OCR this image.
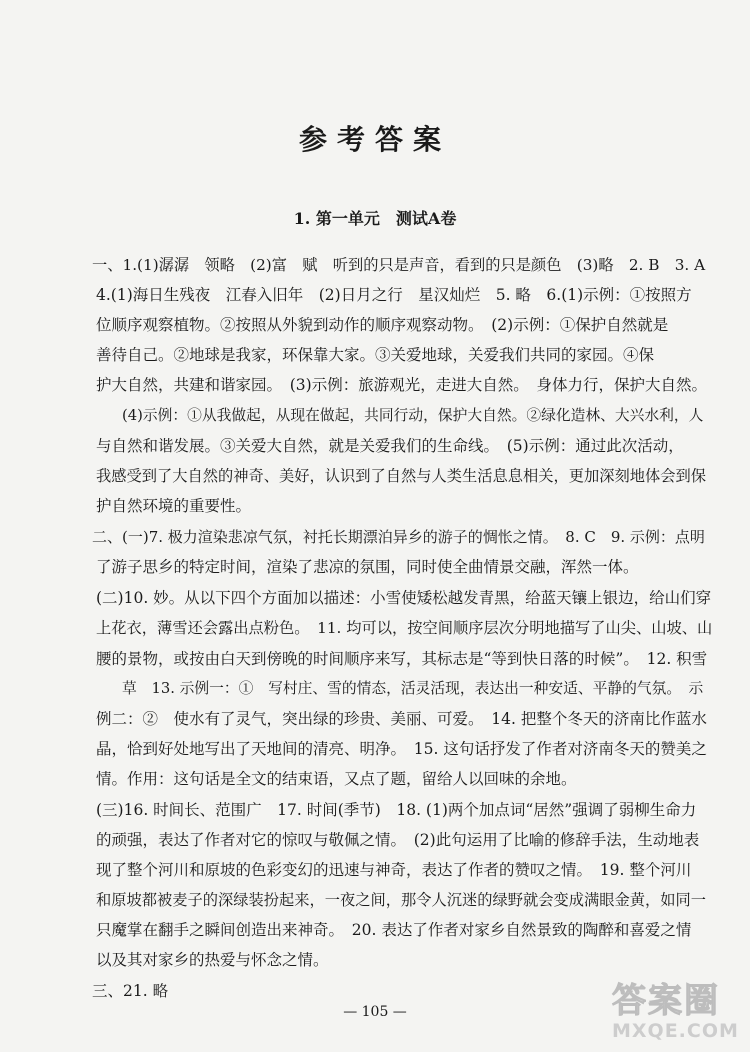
参考答案
1. 第一单元　测试A卷
一、1.(1)潺潺　领略　(2)富　赋　听到的只是声音，看到的只是颜色　(3)略　2. B　3. A
4.(1)海日生残夜　江春入旧年　(2)日月之行　星汉灿烂　5. 略　6.(1)示例：①按照方
位顺序观察植物。②按照从外貌到动作的顺序观察动物。　(2)示例：①保护自然就是
善待自己。②地球是我家，环保靠大家。③关爱地球，关爱我们共同的家园。④保
护大自然，共建和谐家园。　(3)示例：旅游观光，走进大自然。　身体力行，保护大自然。
(4)示例：①从我做起，从现在做起，共同行动，保护大自然。②绿化造林、大兴水利，人
与自然和谐发展。③关爱大自然，就是关爱我们的生命线。　(5)示例：通过此次活动，
我感受到了大自然的神奇、美好，认识到了自然与人类生活息息相关，更加深刻地体会到保
护自然环境的重要性。
二、(一)7. 极力渲染悲凉气氛，衬托长期漂泊异乡的游子的惆怅之情。　8. C　9. 示例：点明
了游子思乡的特定时间，渲染了悲凉的氛围，同时使全曲情景交融，浑然一体。
(二)10. 妙。从以下四个方面加以描述：小雪使矮松越发青黑，给蓝天镶上银边，给山们穿
上花衣，薄雪还会露出点粉色。　11. 均可以，按空间顺序层次分明地描写了山尖、山坡、山
腰的景物，或按由白天到傍晚的时间顺序来写，其标志是“等到快日落的时候”。　12. 积雪
草　13. 示例一：①　写村庄、雪的情态，活灵活现，表达出一种安适、平静的气氛。　示
例二：②　使水有了灵气，突出绿的珍贵、美丽、可爱。　14. 把整个冬天的济南比作蓝水
晶，恰到好处地写出了天地间的清亮、明净。　15. 这句话抒发了作者对济南冬天的赞美之
情。作用：这句话是全文的结束语，又点了题，留给人以回味的余地。
(三)16. 时间长、范围广　17. 时间(季节)　18. (1)两个加点词“居然”强调了弱柳生命力
的顽强，表达了作者对它的惊叹与敬佩之情。　(2)此句运用了比喻的修辞手法，生动地表
现了整个河川和原坡的色彩变幻的迅速与神奇，表达了作者的赞叹之情。　19. 整个河川
和原坡都被麦子的深绿装扮起来，一夜之间，那令人沉迷的绿野就会变成满眼金黄，如同一
只魔掌在翻手之瞬间创造出来神奇。　20. 表达了作者对家乡自然景致的陶醉和喜爱之情
以及其对家乡的热爱与怀念之情。
三、21. 略
— 105 —	答案圈
MXQE.COM
